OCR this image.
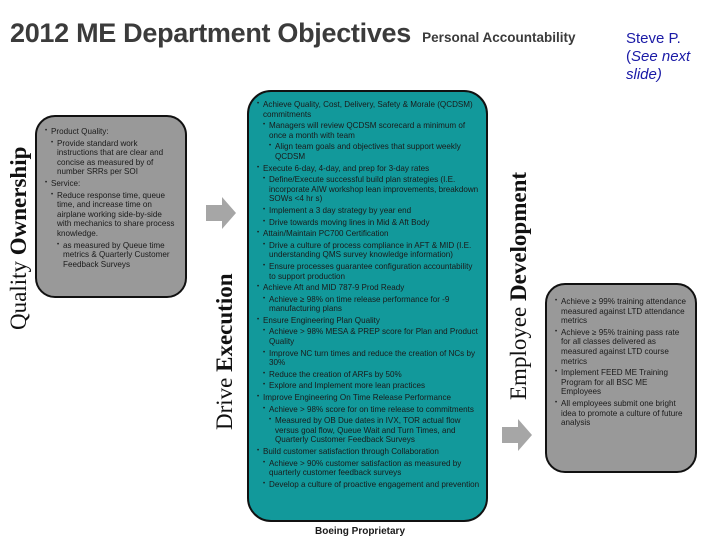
2012 ME Department Objectives Personal Accountability	Steve P.
(See next slide)
Quality Ownership
• Product Quality:
• Provide standard work instructions that are clear and concise as measured by of number SRRs per SOI
• Service:
• Reduce response time, queue time, and increase time on airplane working side-by-side with mechanics to share process knowledge.
• as measured by Queue time metrics & Quarterly Customer Feedback Surveys
Drive Execution
• Achieve Quality, Cost, Delivery, Safety & Morale (QCDSM) commitments
• Managers will review QCDSM scorecard a minimum of once a month with team
• Align team goals and objectives that support weekly QCDSM
• Execute 6-day, 4-day, and prep for 3-day rates
• Define/Execute successful build plan strategies (I.E. incorporate AIW workshop lean improvements, breakdown SOWs <4 hr s)
• Implement a 3 day strategy by year end
• Drive towards moving lines in Mid & Aft Body
• Attain/Maintain PC700 Certification
• Drive a culture of process compliance in AFT & MID (I.E. understanding QMS survey knowledge information)
• Ensure processes guarantee configuration accountability to support production
• Achieve Aft and MID 787-9 Prod Ready
• Achieve ≥ 98% on time release performance for -9 manufacturing plans
• Ensure Engineering Plan Quality
• Achieve > 98% MESA & PREP score for Plan and Product Quality
• Improve NC turn times and reduce the creation of NCs by 30%
• Reduce the creation of ARFs by 50%
• Explore and Implement more lean practices
• Improve Engineering On Time Release Performance
• Achieve > 98% score for on time release to commitments
• Measured by OB Due dates in IVX, TOR actual flow versus goal flow, Queue Wait and Turn Times, and Quarterly Customer Feedback Surveys
• Build customer satisfaction through Collaboration
• Achieve > 90% customer satisfaction as measured by quarterly customer feedback surveys
• Develop a culture of proactive engagement and prevention
Employee Development
• Achieve ≥ 99% training attendance measured against LTD attendance metrics
• Achieve ≥ 95% training pass rate for all classes delivered as measured against LTD course metrics
• Implement FEED ME Training Program for all BSC ME Employees
• All employees submit one bright idea to promote a culture of future analysis
Boeing Proprietary
